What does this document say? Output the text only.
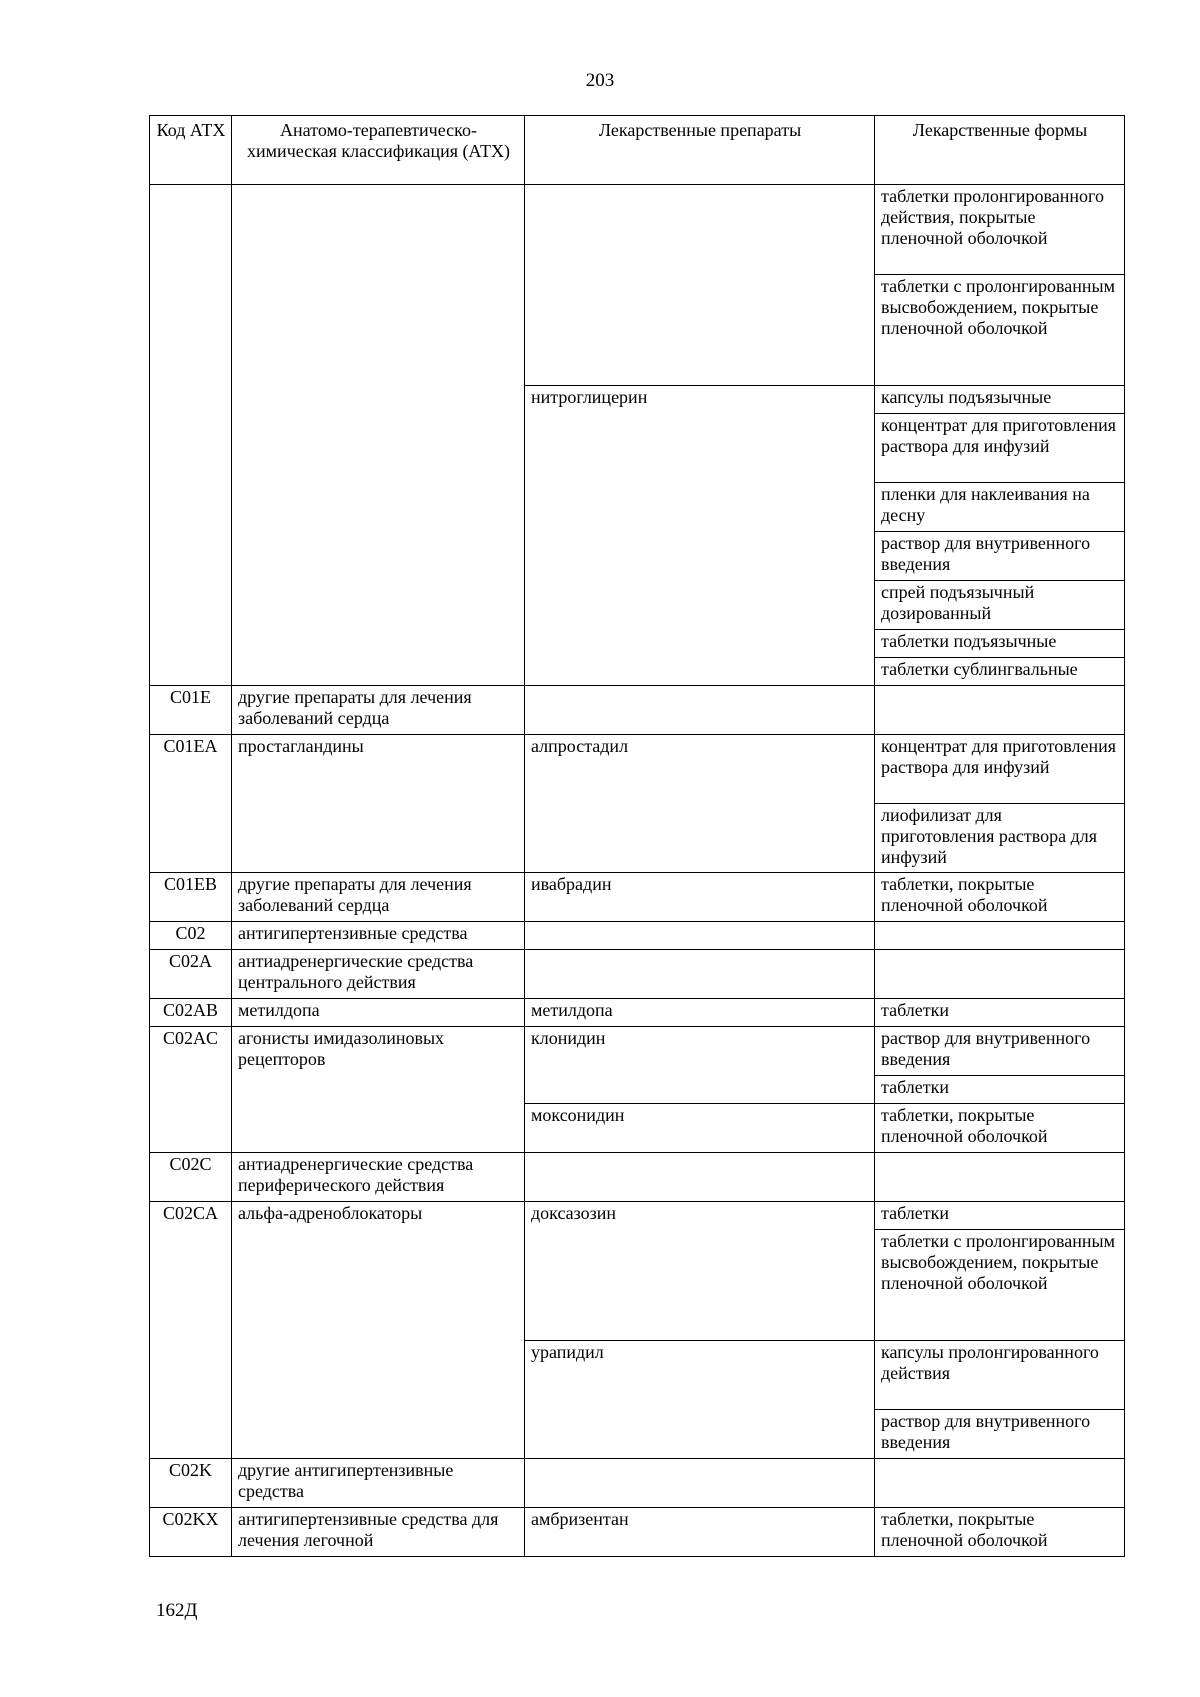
203
Код АТХ	Анатомо-терапевтическо-химическая классификация (АТХ)	Лекарственные препараты	Лекарственные формы
			таблетки пролонгированного действия, покрытые пленочной оболочкой
			таблетки с пролонгированным высвобождением, покрытые пленочной оболочкой
		нитроглицерин	капсулы подъязычные
			концентрат для приготовления раствора для инфузий
			пленки для наклеивания на десну
			раствор для внутривенного введения
			спрей подъязычный дозированный
			таблетки подъязычные
			таблетки сублингвальные
C01E	другие препараты для лечения заболеваний сердца		
C01EA	простагландины	алпростадил	концентрат для приготовления раствора для инфузий
			лиофилизат для приготовления раствора для инфузий
C01EB	другие препараты для лечения заболеваний сердца	ивабрадин	таблетки, покрытые пленочной оболочкой
C02	антигипертензивные средства		
C02A	антиадренергические средства центрального действия		
C02AB	метилдопа	метилдопа	таблетки
C02AC	агонисты имидазолиновых рецепторов	клонидин	раствор для внутривенного введения
			таблетки
		моксонидин	таблетки, покрытые пленочной оболочкой
C02C	антиадренергические средства периферического действия		
C02CA	альфа-адреноблокаторы	доксазозин	таблетки
			таблетки с пролонгированным высвобождением, покрытые пленочной оболочкой
		урапидил	капсулы пролонгированного действия
			раствор для внутривенного введения
C02K	другие антигипертензивные средства		
C02KX	антигипертензивные средства для лечения легочной	амбризентан	таблетки, покрытые пленочной оболочкой
162Д
